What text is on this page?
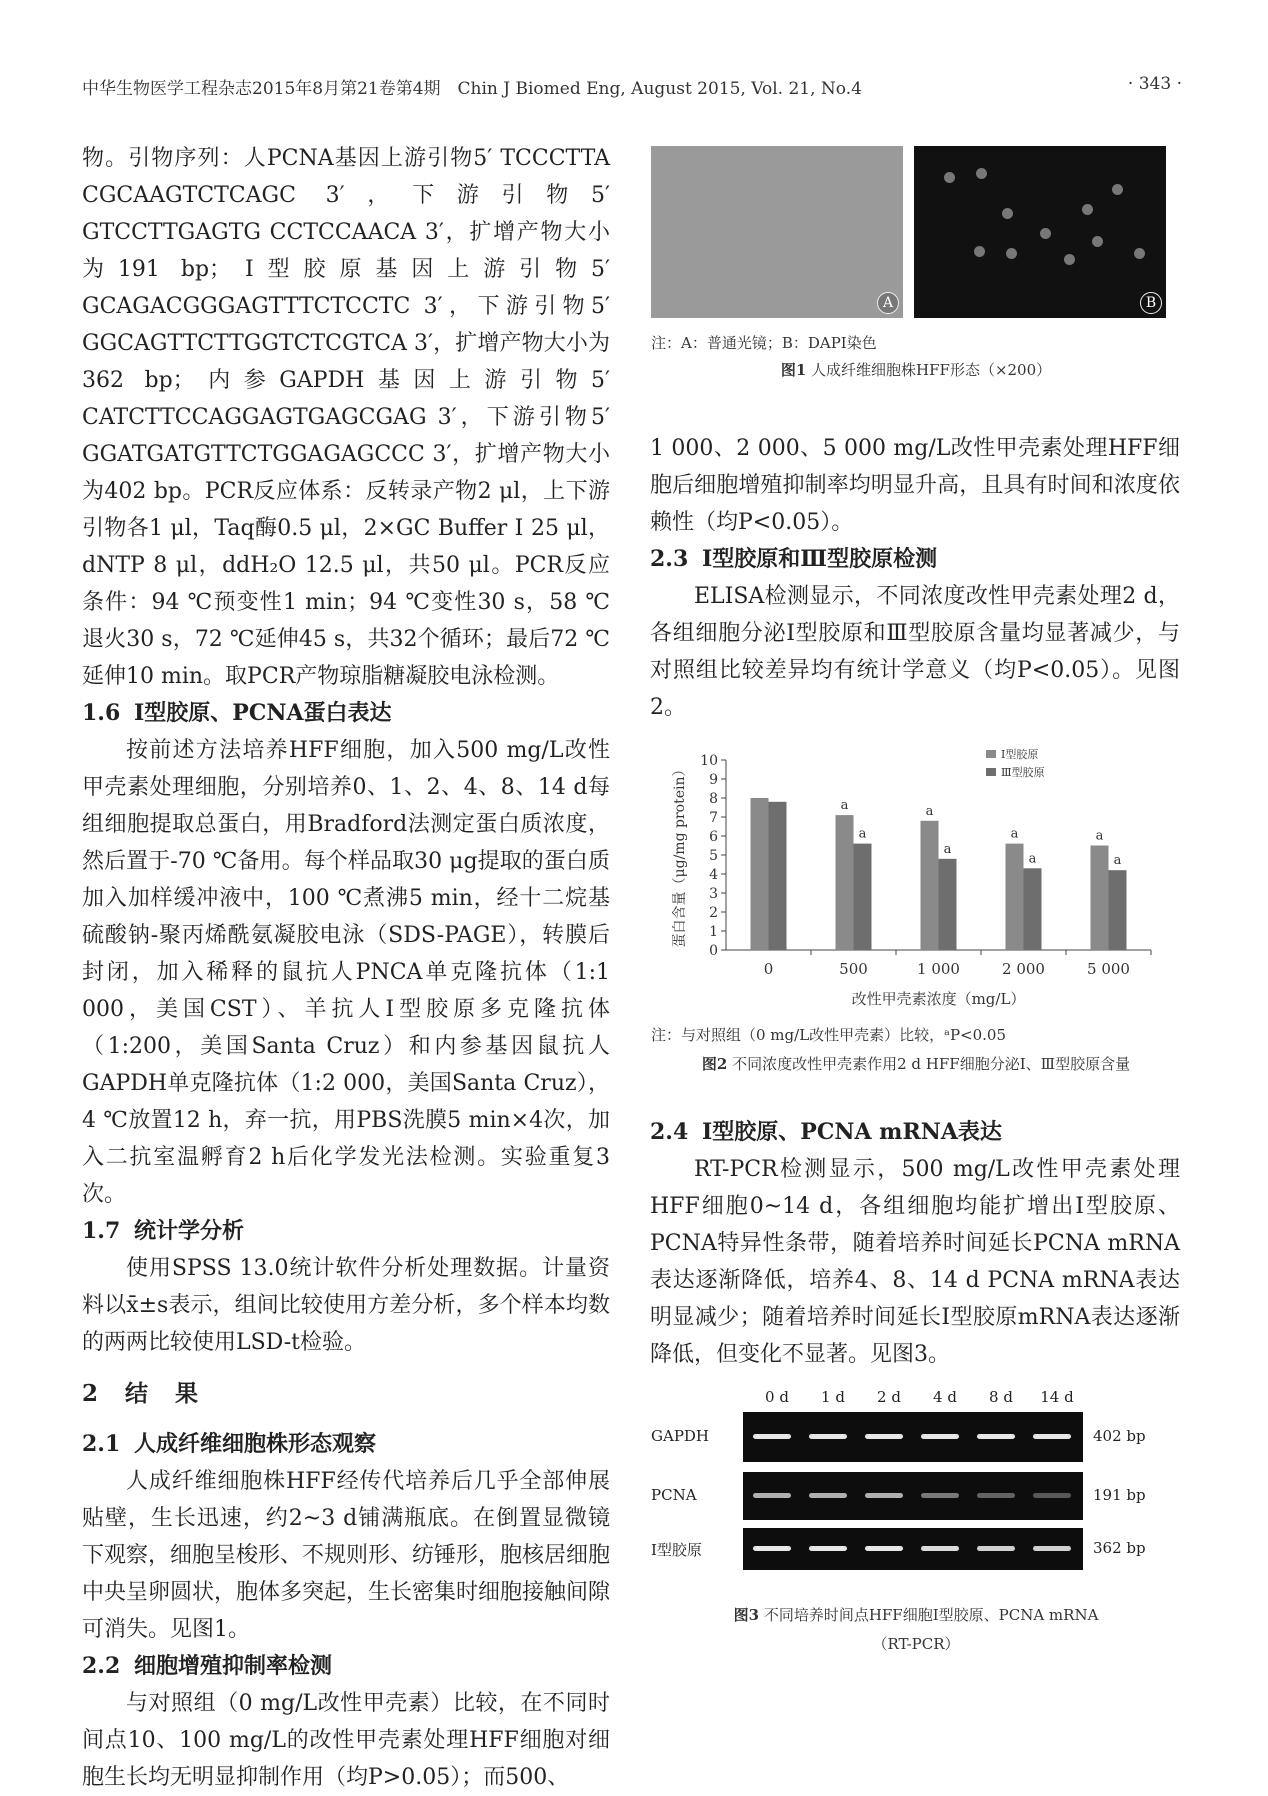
中华生物医学工程杂志2015年8月第21卷第4期　Chin J Biomed Eng, August 2015, Vol. 21, No.4	· 343 ·

物。引物序列：人PCNA基因上游引物5′ TCCCTTA CGCAAGTCTCAGC 3′，下游引物5′ GTCCTTGAGTG CCTCCAACA 3′，扩增产物大小为191 bp；Ⅰ型胶原基因上游引物5′ GCAGACGGGAGTTTCTCCTC 3′，下游引物5′ GGCAGTTCTTGGTCTCGTCA 3′，扩增产物大小为362 bp；内参GAPDH基因上游引物5′ CATCTTCCAGGAGTGAGCGAG 3′，下游引物5′ GGATGATGTTCTGGAGAGCCC 3′，扩增产物大小为402 bp。PCR反应体系：反转录产物2 μl，上下游引物各1 μl，Taq酶0.5 μl，2×GC Buffer Ⅰ 25 μl，dNTP 8 μl，ddH₂O 12.5 μl，共50 μl。PCR反应条件：94 ℃预变性1 min；94 ℃变性30 s，58 ℃退火30 s，72 ℃延伸45 s，共32个循环；最后72 ℃延伸10 min。取PCR产物琼脂糖凝胶电泳检测。

1.6 Ⅰ型胶原、PCNA蛋白表达

按前述方法培养HFF细胞，加入500 mg/L改性甲壳素处理细胞，分别培养0、1、2、4、8、14 d每组细胞提取总蛋白，用Bradford法测定蛋白质浓度，然后置于-70 ℃备用。每个样品取30 μg提取的蛋白质加入加样缓冲液中，100 ℃煮沸5 min，经十二烷基硫酸钠-聚丙烯酰氨凝胶电泳（SDS-PAGE），转膜后封闭，加入稀释的鼠抗人PNCA单克隆抗体（1:1 000，美国CST）、羊抗人Ⅰ型胶原多克隆抗体（1:200，美国Santa Cruz）和内参基因鼠抗人GAPDH单克隆抗体（1:2 000，美国Santa Cruz），4 ℃放置12 h，弃一抗，用PBS洗膜5 min×4次，加入二抗室温孵育2 h后化学发光法检测。实验重复3次。

1.7 统计学分析

使用SPSS 13.0统计软件分析处理数据。计量资料以x̄±s表示，组间比较使用方差分析，多个样本均数的两两比较使用LSD-t检验。

2　结　果

2.1 人成纤维细胞株形态观察

人成纤维细胞株HFF经传代培养后几乎全部伸展贴壁，生长迅速，约2~3 d铺满瓶底。在倒置显微镜下观察，细胞呈梭形、不规则形、纺锤形，胞核居细胞中央呈卵圆状，胞体多突起，生长密集时细胞接触间隙可消失。见图1。

2.2 细胞增殖抑制率检测

与对照组（0 mg/L改性甲壳素）比较，在不同时间点10、100 mg/L的改性甲壳素处理HFF细胞对细胞生长均无明显抑制作用（均P>0.05）；而500、

A	B
注：A：普通光镜；B：DAPI染色
图1 人成纤维细胞株HFF形态（×200）

1 000、2 000、5 000 mg/L改性甲壳素处理HFF细胞后细胞增殖抑制率均明显升高，且具有时间和浓度依赖性（均P<0.05）。

2.3 Ⅰ型胶原和Ⅲ型胶原检测

ELISA检测显示，不同浓度改性甲壳素处理2 d，各组细胞分泌Ⅰ型胶原和Ⅲ型胶原含量均显著减少，与对照组比较差异均有统计学意义（均P<0.05）。见图2。

0
1
2
3
4
5
6
7
8
9
10
蛋白含量（μg/mg protein）
0
a
a
500
a
a
1 000
a
a
2 000
a
a
5 000
改性甲壳素浓度（mg/L）
Ⅰ型胶原
Ⅲ型胶原
注：与对照组（0 mg/L改性甲壳素）比较，ᵃP<0.05
图2 不同浓度改性甲壳素作用2 d HFF细胞分泌Ⅰ、Ⅲ型胶原含量

2.4 Ⅰ型胶原、PCNA mRNA表达

RT-PCR检测显示，500 mg/L改性甲壳素处理HFF细胞0~14 d，各组细胞均能扩增出Ⅰ型胶原、PCNA特异性条带，随着培养时间延长PCNA mRNA表达逐渐降低，培养4、8、14 d PCNA mRNA表达明显减少；随着培养时间延长Ⅰ型胶原mRNA表达逐渐降低，但变化不显著。见图3。

0 d	1 d	2 d	4 d	8 d	14 d
GAPDH	402 bp
PCNA	191 bp
Ⅰ型胶原	362 bp
图3 不同培养时间点HFF细胞Ⅰ型胶原、PCNA mRNA
（RT-PCR）
